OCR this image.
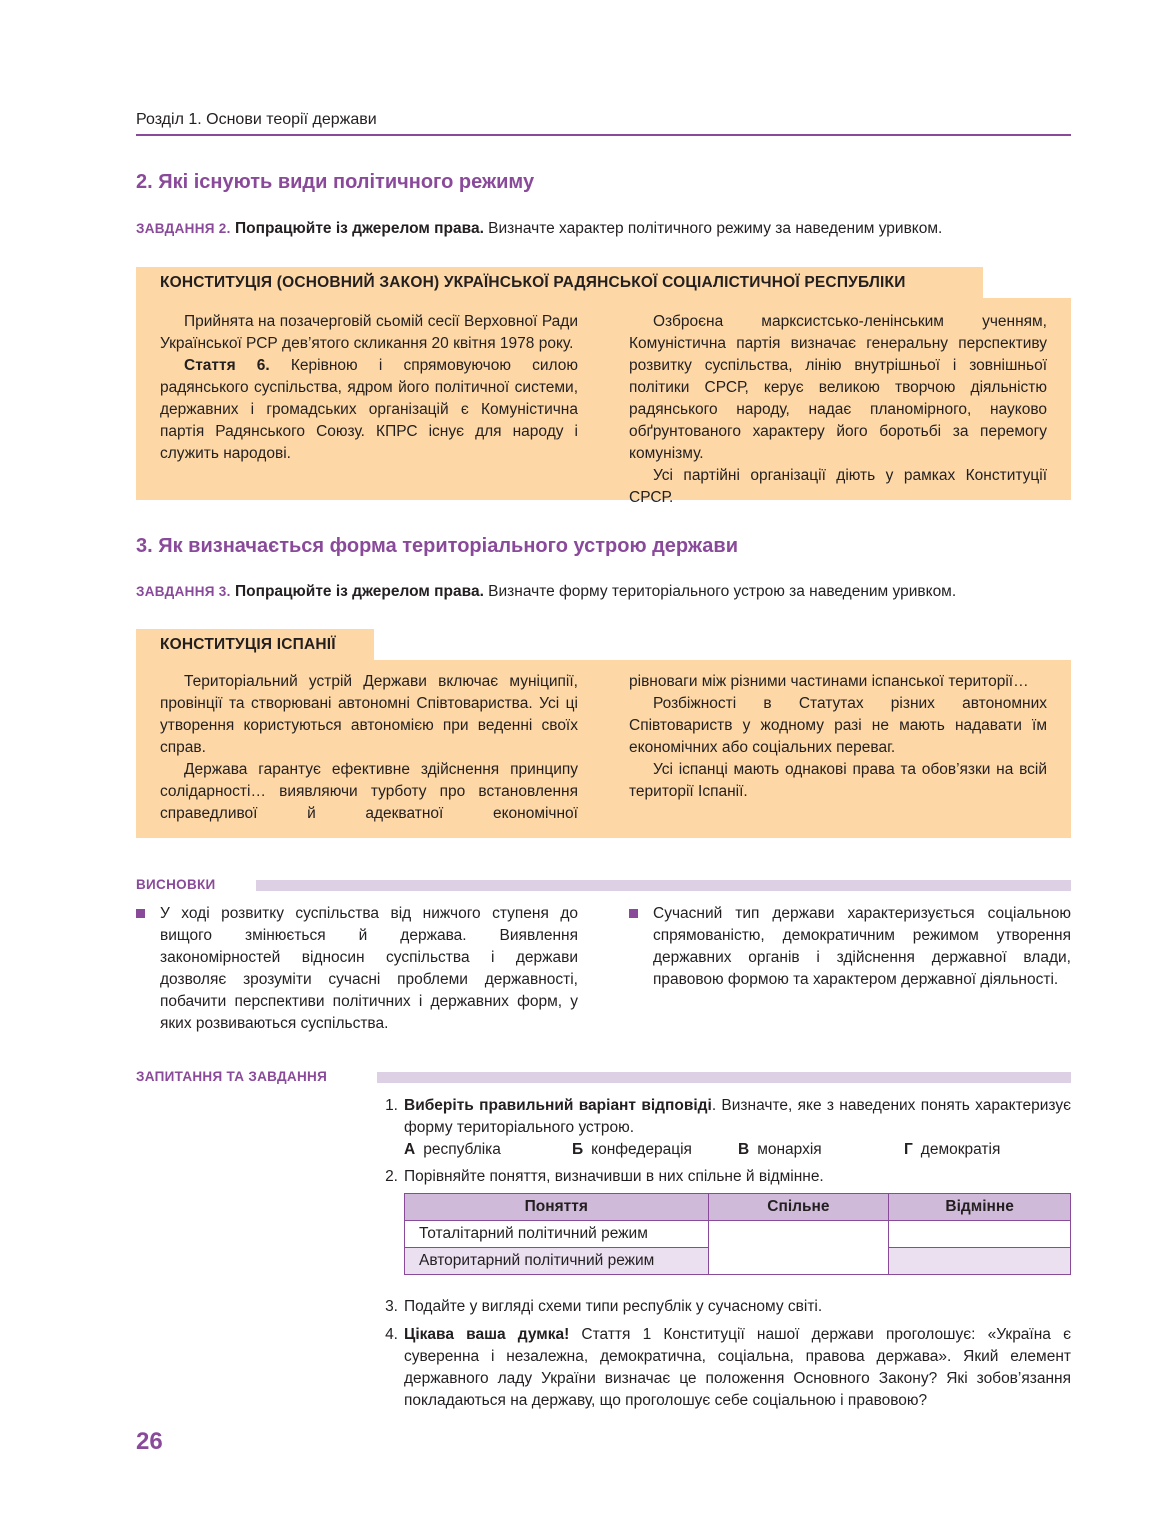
Розділ 1. Основи теорії держави
2. Які існують види політичного режиму
ЗАВДАННЯ 2. Попрацюйте із джерелом права. Визначте характер політичного режиму за наведеним уривком.
КОНСТИТУЦІЯ (ОСНОВНИЙ ЗАКОН) УКРАЇНСЬКОЇ РАДЯНСЬКОЇ СОЦІАЛІСТИЧНОЇ РЕСПУБЛІКИ

Прийнята на позачерговій сьомій сесії Верховної Ради Української РСР дев’ятого скликання 20 квітня 1978 року.

Стаття 6. Керівною і спрямовуючою силою радянського суспільства, ядром його політичної системи, державних і громадських організацій є Комуністична партія Радянського Союзу. КПРС існує для народу і служить народові.

Озброєна марксистсько-ленінським ученням, Комуністична партія визначає генеральну перспективу розвитку суспільства, лінію внутрішньої і зовнішньої політики СРСР, керує великою творчою діяльністю радянського народу, надає планомірного, науково обґрунтованого характеру його боротьбі за перемогу комунізму.

Усі партійні організації діють у рамках Конституції СРСР.

3. Як визначається форма територіального устрою держави
ЗАВДАННЯ 3. Попрацюйте із джерелом права. Визначте форму територіального устрою за наведеним уривком.
КОНСТИТУЦІЯ ІСПАНІЇ

Територіальний устрій Держави включає муніципії, провінції та створювані автономні Співтовариства. Усі ці утворення користуються автономією при веденні своїх справ.

Держава гарантує ефективне здійснення принципу солідарності… виявляючи турботу про встановлення справедливої й адекватної економічної

рівноваги між різними частинами іспанської території…

Розбіжності в Статутах різних автономних Співтовариств у жодному разі не мають надавати їм економічних або соціальних переваг.

Усі іспанці мають однакові права та обов’язки на всій території Іспанії.

ВИСНОВКИ
У ході розвитку суспільства від нижчого ступеня до вищого змінюється й держава. Виявлення закономірностей відносин суспільства і держави дозволяє зрозуміти сучасні проблеми державності, побачити перспективи політичних і державних форм, у яких розвиваються суспільства.
Сучасний тип держави характеризується соціальною спрямованістю, демократичним режимом утворення державних органів і здійснення державної влади, правовою формою та характером державної діяльності.
ЗАПИТАННЯ ТА ЗАВДАННЯ
1. Виберіть правильний варіант відповіді. Визначте, яке з наведених понять характеризує форму територіального устрою.
А республіка	Б конфедерація	В монархія	Г демократія
2. Порівняйте поняття, визначивши в них спільне й відмінне.
Поняття	Спільне	Відмінне
Тоталітарний політичний режим		
Авторитарний політичний режим		
3. Подайте у вигляді схеми типи республік у сучасному світі.
4. Цікава ваша думка! Стаття 1 Конституції нашої держави проголошує: «Україна є суверенна і незалежна, демократична, соціальна, правова держава». Який елемент державного ладу України визначає це положення Основного Закону? Які зобов’язання покладаються на державу, що проголошує себе соціальною і правовою?
26
